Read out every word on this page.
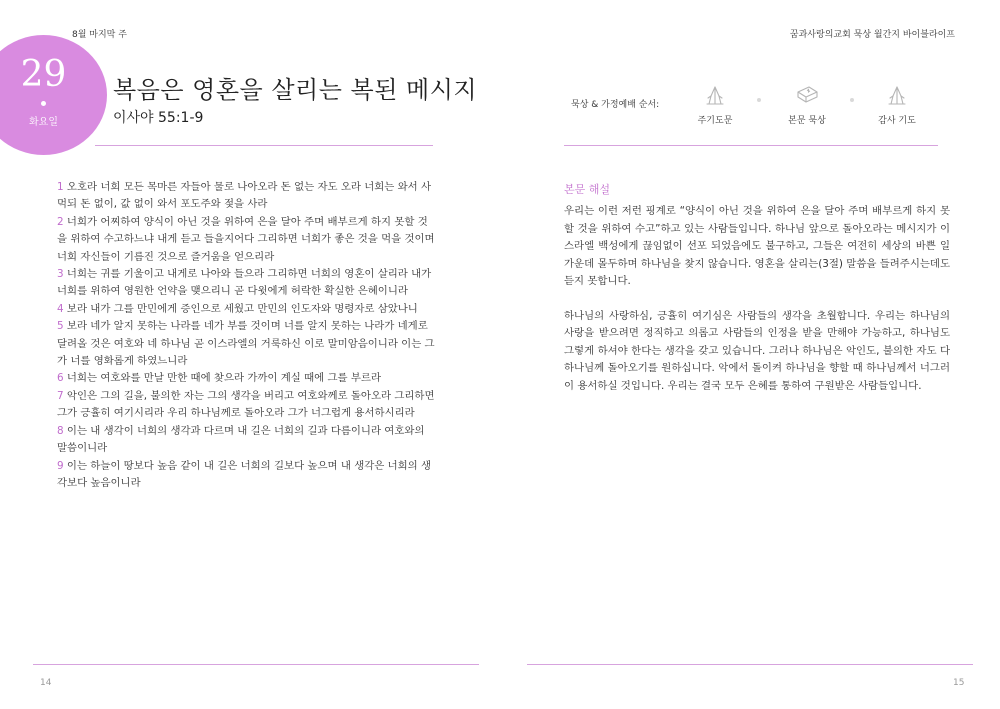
8월 마지막 주	꿈과사랑의교회 묵상 월간지 바이블라이프
29
화요일
복음은 영혼을 살리는 복된 메시지
이사야 55:1-9
묵상 & 가정예배 순서:
주기도문	본문 묵상	감사 기도

1 오호라 너희 모든 목마른 자들아 물로 나아오라 돈 없는 자도 오라 너희는 와서 사 먹되 돈 없이, 값 없이 와서 포도주와 젖을 사라

2 너희가 어찌하여 양식이 아닌 것을 위하여 은을 달아 주며 배부르게 하지 못할 것을 위하여 수고하느냐 내게 듣고 들을지어다 그리하면 너희가 좋은 것을 먹을 것이며 너희 자신들이 기름진 것으로 즐거움을 얻으리라

3 너희는 귀를 기울이고 내게로 나아와 들으라 그리하면 너희의 영혼이 살리라 내가 너희를 위하여 영원한 언약을 맺으리니 곧 다윗에게 허락한 확실한 은혜이니라

4 보라 내가 그를 만민에게 증인으로 세웠고 만민의 인도자와 명령자로 삼았나니

5 보라 네가 알지 못하는 나라를 네가 부를 것이며 너를 알지 못하는 나라가 네게로 달려올 것은 여호와 네 하나님 곧 이스라엘의 거룩하신 이로 말미암음이니라 이는 그가 너를 영화롭게 하였느니라

6 너희는 여호와를 만날 만한 때에 찾으라 가까이 계실 때에 그를 부르라

7 악인은 그의 길을, 불의한 자는 그의 생각을 버리고 여호와께로 돌아오라 그리하면 그가 긍휼히 여기시리라 우리 하나님께로 돌아오라 그가 너그럽게 용서하시리라

8 이는 내 생각이 너희의 생각과 다르며 내 길은 너희의 길과 다름이니라 여호와의 말씀이니라

9 이는 하늘이 땅보다 높음 같이 내 길은 너희의 길보다 높으며 내 생각은 너희의 생각보다 높음이니라

본문 해설

우리는 이런 저런 핑계로 “양식이 아닌 것을 위하여 은을 달아 주며 배부르게 하지 못할 것을 위하여 수고”하고 있는 사람들입니다. 하나님 앞으로 돌아오라는 메시지가 이스라엘 백성에게 끊임없이 선포 되었음에도 불구하고, 그들은 여전히 세상의 바쁜 일 가운데 몰두하며 하나님을 찾지 않습니다. 영혼을 살리는(3절) 말씀을 들려주시는데도 듣지 못합니다.

하나님의 사랑하심, 긍휼히 여기심은 사람들의 생각을 초월합니다. 우리는 하나님의 사랑을 받으려면 정직하고 의롭고 사람들의 인정을 받을 만해야 가능하고, 하나님도 그렇게 하셔야 한다는 생각을 갖고 있습니다. 그러나 하나님은 악인도, 불의한 자도 다 하나님께 돌아오기를 원하십니다. 악에서 돌이켜 하나님을 향할 때 하나님께서 너그러이 용서하실 것입니다. 우리는 결국 모두 은혜를 통하여 구원받은 사람들입니다.

14	15
